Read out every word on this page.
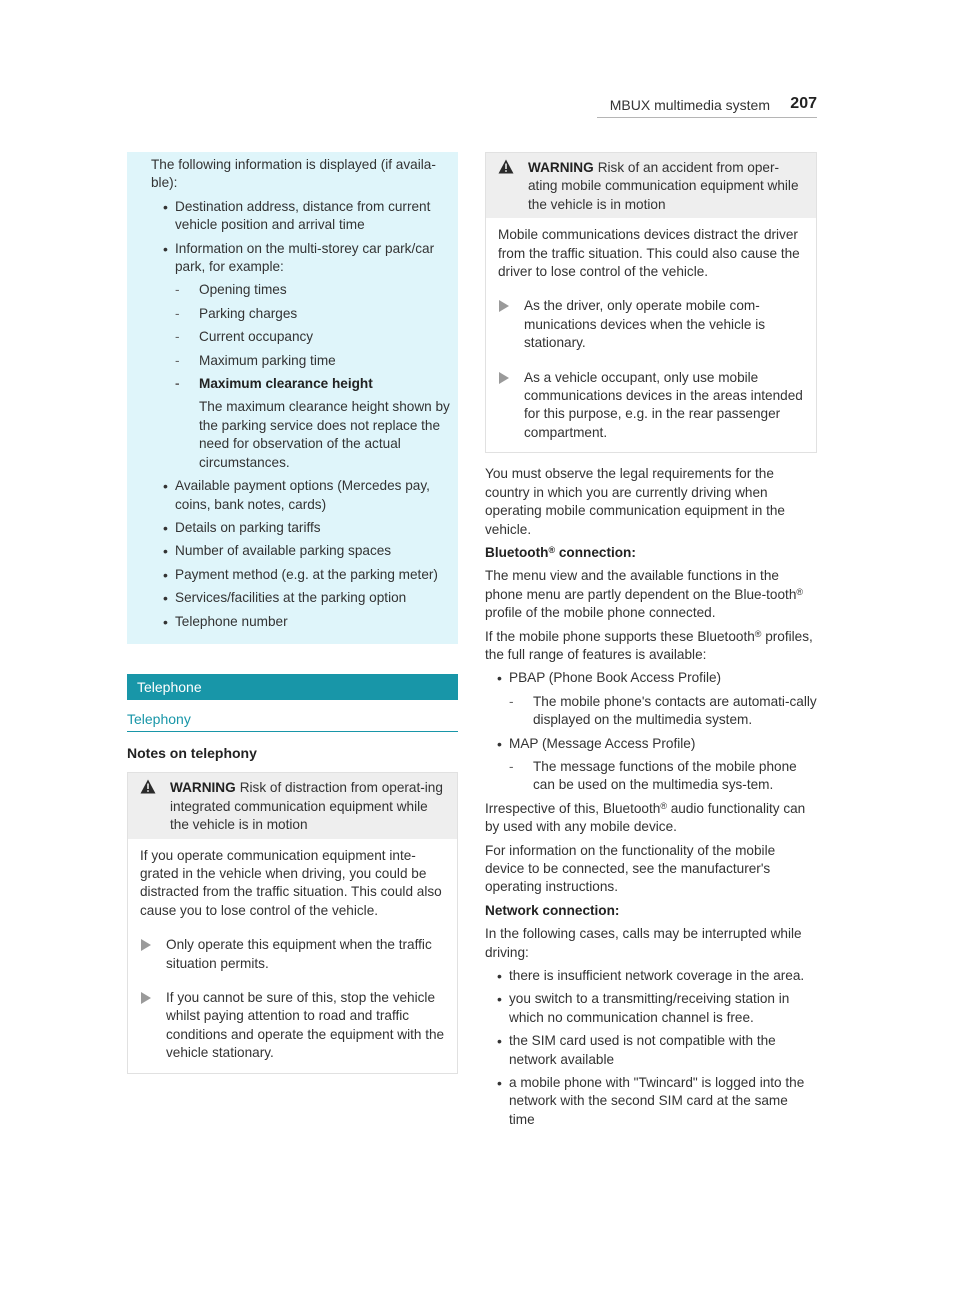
MBUX multimedia system 207

The following information is displayed (if availa-ble):

• Destination address, distance from current vehicle position and arrival time
• Information on the multi-storey car park/car park, for example:
- Opening times
- Parking charges
- Current occupancy
- Maximum parking time
- Maximum clearance height
The maximum clearance height shown by the parking service does not replace the need for observation of the actual circumstances.
• Available payment options (Mercedes pay, coins, bank notes, cards)
• Details on parking tariffs
• Number of available parking spaces
• Payment method (e.g. at the parking meter)
• Services/facilities at the parking option
• Telephone number
Telephone
Telephony
Notes on telephony
WARNING Risk of distraction from operat-ing integrated communication equipment while the vehicle is in motion

If you operate communication equipment inte-grated in the vehicle when driving, you could be distracted from the traffic situation. This could also cause you to lose control of the vehicle.

Only operate this equipment when the traffic situation permits.
If you cannot be sure of this, stop the vehicle whilst paying attention to road and traffic conditions and operate the equipment with the vehicle stationary.
WARNING Risk of an accident from oper-ating mobile communication equipment while the vehicle is in motion

Mobile communications devices distract the driver from the traffic situation. This could also cause the driver to lose control of the vehicle.

As the driver, only operate mobile com-munications devices when the vehicle is stationary.
As a vehicle occupant, only use mobile communications devices in the areas intended for this purpose, e.g. in the rear passenger compartment.

You must observe the legal requirements for the country in which you are currently driving when operating mobile communication equipment in the vehicle.

Bluetooth® connection:

The menu view and the available functions in the phone menu are partly dependent on the Blue-tooth® profile of the mobile phone connected.

If the mobile phone supports these Bluetooth® profiles, the full range of features is available:

• PBAP (Phone Book Access Profile)
- The mobile phone's contacts are automati-cally displayed on the multimedia system.
• MAP (Message Access Profile)
- The message functions of the mobile phone can be used on the multimedia sys-tem.

Irrespective of this, Bluetooth® audio functionality can by used with any mobile device.

For information on the functionality of the mobile device to be connected, see the manufacturer's operating instructions.

Network connection:

In the following cases, calls may be interrupted while driving:

• there is insufficient network coverage in the area.
• you switch to a transmitting/receiving station in which no communication channel is free.
• the SIM card used is not compatible with the network available
• a mobile phone with "Twincard" is logged into the network with the second SIM card at the same time
